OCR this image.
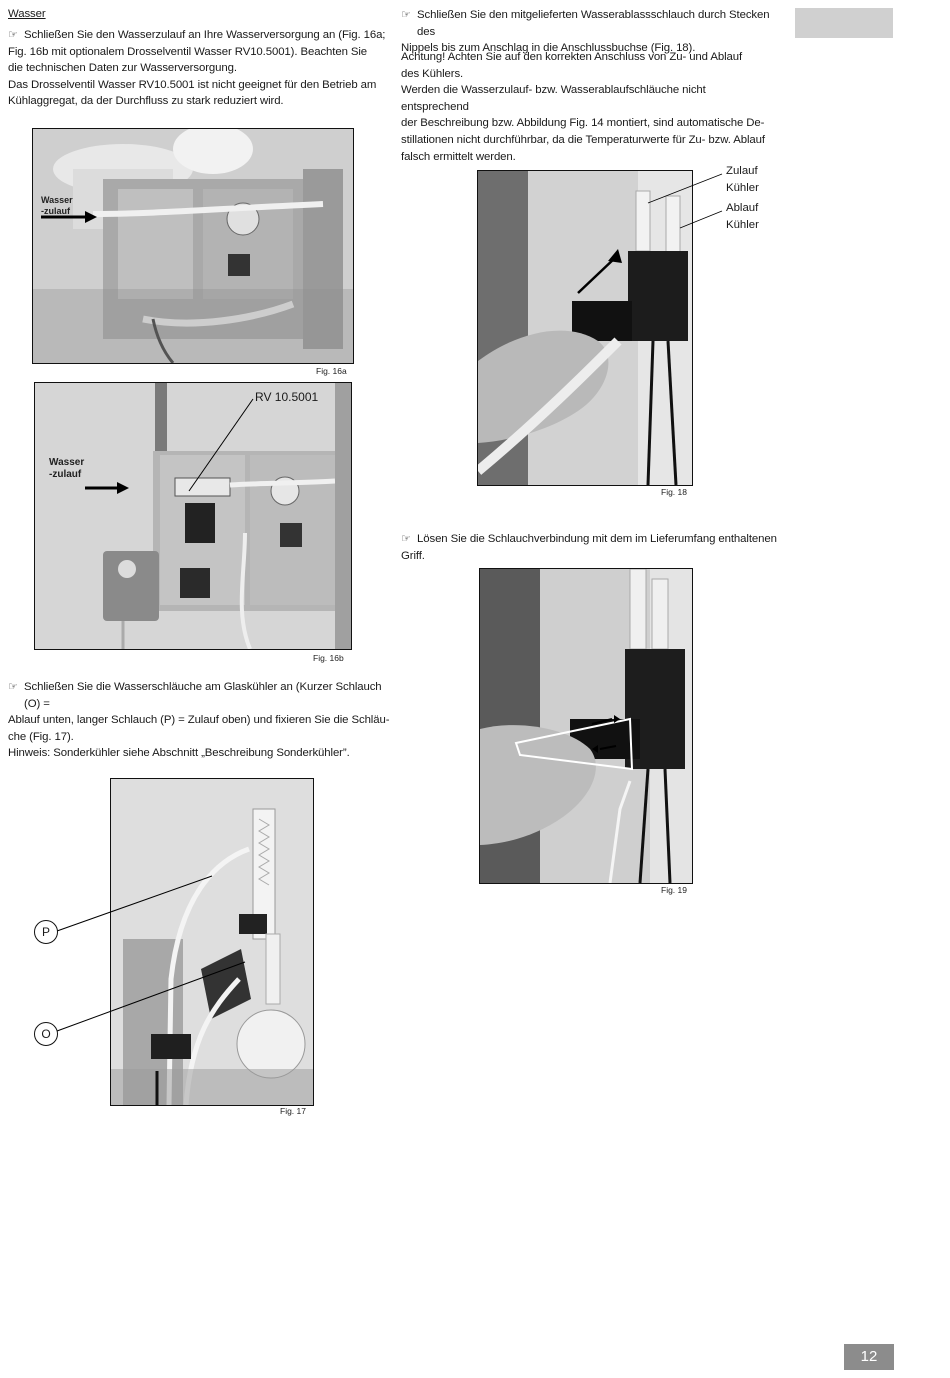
Wasser
☞ Schließen Sie den Wasserzulauf an Ihre Wasserversorgung an (Fig. 16a;
Fig. 16b mit optionalem Drosselventil Wasser RV10.5001). Beachten Sie
die technischen Daten zur Wasserversorgung.
Das Drosselventil Wasser RV10.5001 ist nicht geeignet für den Betrieb am
Kühlaggregat, da der Durchfluss zu stark reduziert wird.
Wasser
-zulauf
Fig. 16a
Wasser
-zulauf
RV 10.5001
Fig. 16b
☞ Schließen Sie die Wasserschläuche am Glaskühler an (Kurzer Schlauch (O) =
Ablauf unten, langer Schlauch (P) = Zulauf oben) und fixieren Sie die Schläu-
che (Fig. 17).
Hinweis: Sonderkühler siehe Abschnitt „Beschreibung Sonderkühler”.
P
O
Fig. 17
☞ Schließen Sie den mitgelieferten Wasserablassschlauch durch Stecken des
Nippels bis zum Anschlag in die Anschlussbuchse (Fig. 18).
Achtung! Achten Sie auf den korrekten Anschluss von Zu- und Ablauf
des Kühlers.
Werden die Wasserzulauf- bzw. Wasserablaufschläuche nicht entsprechend
der Beschreibung bzw. Abbildung Fig. 14 montiert, sind automatische De-
stillationen nicht durchführbar, da die Temperaturwerte für Zu- bzw. Ablauf
falsch ermittelt werden.
Zulauf
Kühler
Ablauf
Kühler
Fig. 18
☞ Lösen Sie die Schlauchverbindung mit dem im Lieferumfang enthaltenen
Griff.
Fig. 19
12
